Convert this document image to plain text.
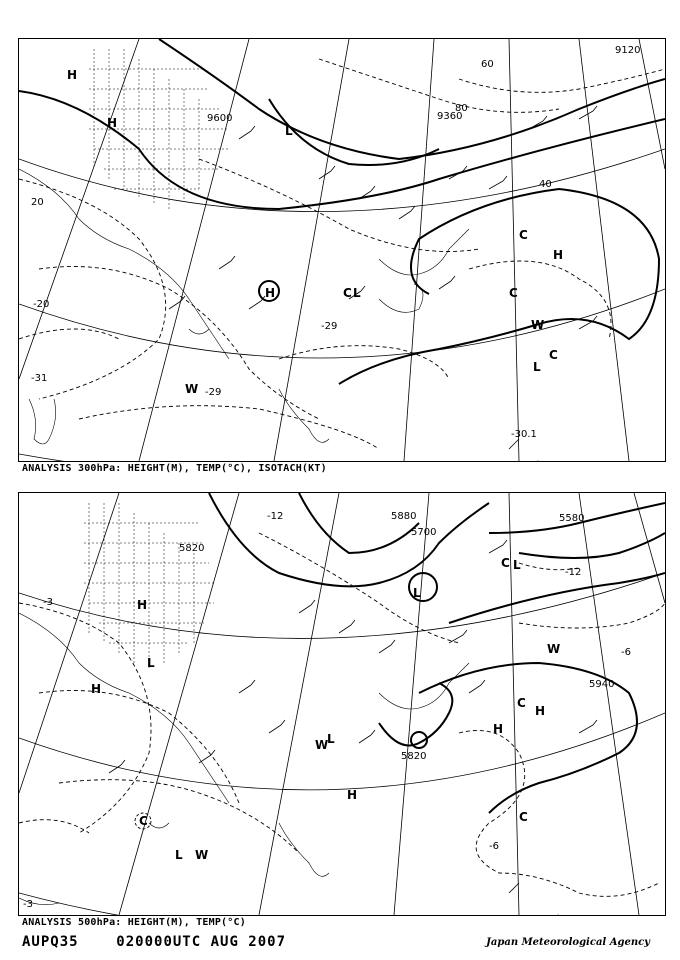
9600
9120
9360
20
40
60
80
-20
-31
-29
-30.1
-29
H
L
H
H	L
C
C
H
W
W
L
C
C
ANALYSIS 300hPa: HEIGHT(M), TEMP(°C), ISOTACH(KT)
5820
5700
5580
5940
5820
5880
-12
-12
-3
-6
-6
-3
H
H
L
L
C L
C
H
H
W
C
L W
H
L
W
C
ANALYSIS 500hPa: HEIGHT(M), TEMP(°C)
AUPQ35	020000UTC AUG 2007	Japan Meteorological Agency
